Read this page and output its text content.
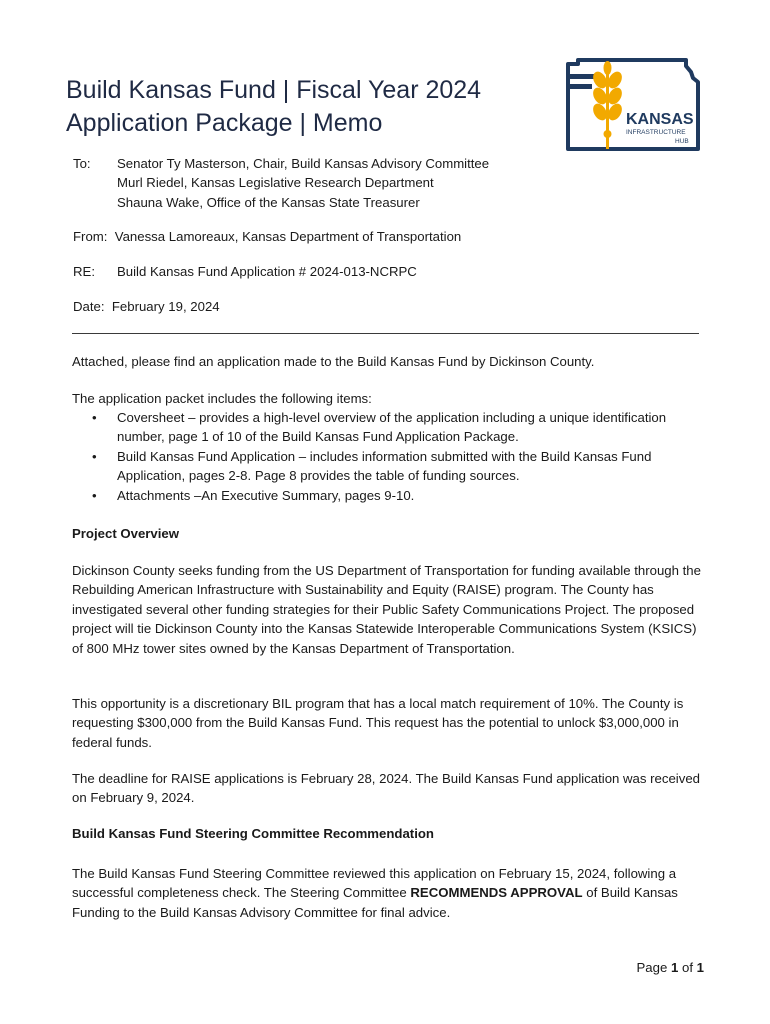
Build Kansas Fund | Fiscal Year 2024
Application Package | Memo	KANSAS
INFRASTRUCTURE
HUB
To: Senator Ty Masterson, Chair, Build Kansas Advisory Committee
Murl Riedel, Kansas Legislative Research Department
Shauna Wake, Office of the Kansas State Treasurer
From: Vanessa Lamoreaux, Kansas Department of Transportation
RE: Build Kansas Fund Application # 2024-013-NCRPC
Date: February 19, 2024
Attached, please find an application made to the Build Kansas Fund by Dickinson County.
The application packet includes the following items:
• Coversheet – provides a high-level overview of the application including a unique identification number, page 1 of 10 of the Build Kansas Fund Application Package.
• Build Kansas Fund Application – includes information submitted with the Build Kansas Fund Application, pages 2-8. Page 8 provides the table of funding sources.
• Attachments –An Executive Summary, pages 9-10.
Project Overview
Dickinson County seeks funding from the US Department of Transportation for funding available through the Rebuilding American Infrastructure with Sustainability and Equity (RAISE) program. The County has investigated several other funding strategies for their Public Safety Communications Project. The proposed project will tie Dickinson County into the Kansas Statewide Interoperable Communications System (KSICS) of 800 MHz tower sites owned by the Kansas Department of Transportation.
This opportunity is a discretionary BIL program that has a local match requirement of 10%. The County is requesting $300,000 from the Build Kansas Fund. This request has the potential to unlock $3,000,000 in federal funds.
The deadline for RAISE applications is February 28, 2024. The Build Kansas Fund application was received on February 9, 2024.
Build Kansas Fund Steering Committee Recommendation
The Build Kansas Fund Steering Committee reviewed this application on February 15, 2024, following a successful completeness check. The Steering Committee RECOMMENDS APPROVAL of Build Kansas Funding to the Build Kansas Advisory Committee for final advice.
Page 1 of 1
